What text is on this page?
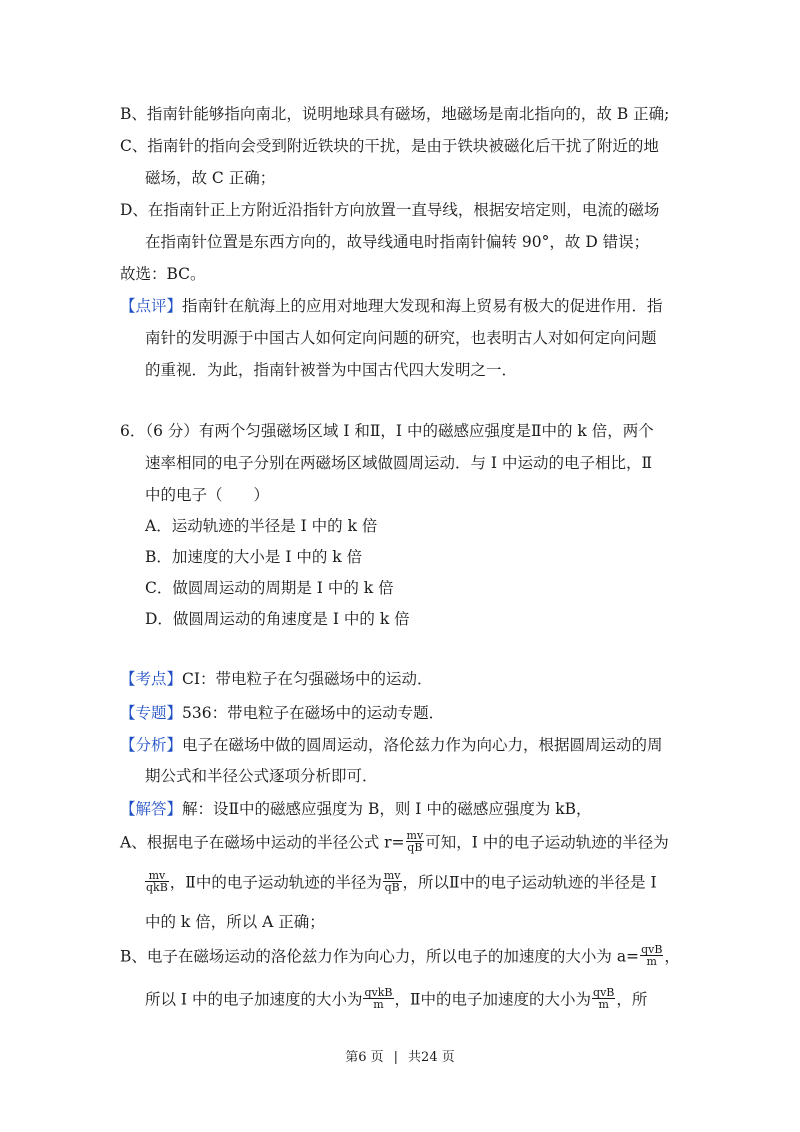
B、指南针能够指向南北，说明地球具有磁场，地磁场是南北指向的，故 B 正确;
C、指南针的指向会受到附近铁块的干扰，是由于铁块被磁化后干扰了附近的地
磁场，故 C 正确；
D、在指南针正上方附近沿指针方向放置一直导线，根据安培定则，电流的磁场
在指南针位置是东西方向的，故导线通电时指南针偏转 90°，故 D 错误；
故选：BC。
【点评】指南针在航海上的应用对地理大发现和海上贸易有极大的促进作用．指
南针的发明源于中国古人如何定向问题的研究，也表明古人对如何定向问题
的重视．为此，指南针被誉为中国古代四大发明之一．
6．（6 分）有两个匀强磁场区域 I 和Ⅱ，I 中的磁感应强度是Ⅱ中的 k 倍，两个
速率相同的电子分别在两磁场区域做圆周运动．与 I 中运动的电子相比，Ⅱ
中的电子（　　）
A．运动轨迹的半径是 I 中的 k 倍
B．加速度的大小是 I 中的 k 倍
C．做圆周运动的周期是 I 中的 k 倍
D．做圆周运动的角速度是 I 中的 k 倍
【考点】CI：带电粒子在匀强磁场中的运动．
【专题】536：带电粒子在磁场中的运动专题．
【分析】电子在磁场中做的圆周运动，洛伦兹力作为向心力，根据圆周运动的周
期公式和半径公式逐项分析即可．
【解答】解：设Ⅱ中的磁感应强度为 B，则 I 中的磁感应强度为 kB，
A、根据电子在磁场中运动的半径公式 $r= \frac{mv}{qB}$ 可知，I 中的电子运动轨迹的半径为
$\frac{mv}{\text{qkB}}$ ，Ⅱ中的电子运动轨迹的半径为 $\frac{mv}{qB}$ ，所以Ⅱ中的电子运动轨迹的半径是 I
中的 k 倍，所以 A 正确；
B、电子在磁场运动的洛伦兹力作为向心力，所以电子的加速度的大小为 $a= \frac{\text{qvB}}{m}$ ，
所以 I 中的电子加速度的大小为 $\frac{\text{qvkB}}{m}$ ，Ⅱ中的电子加速度的大小为 $\frac{\text{qvB}}{m}$ ，所
第6 页 | 共24 页
